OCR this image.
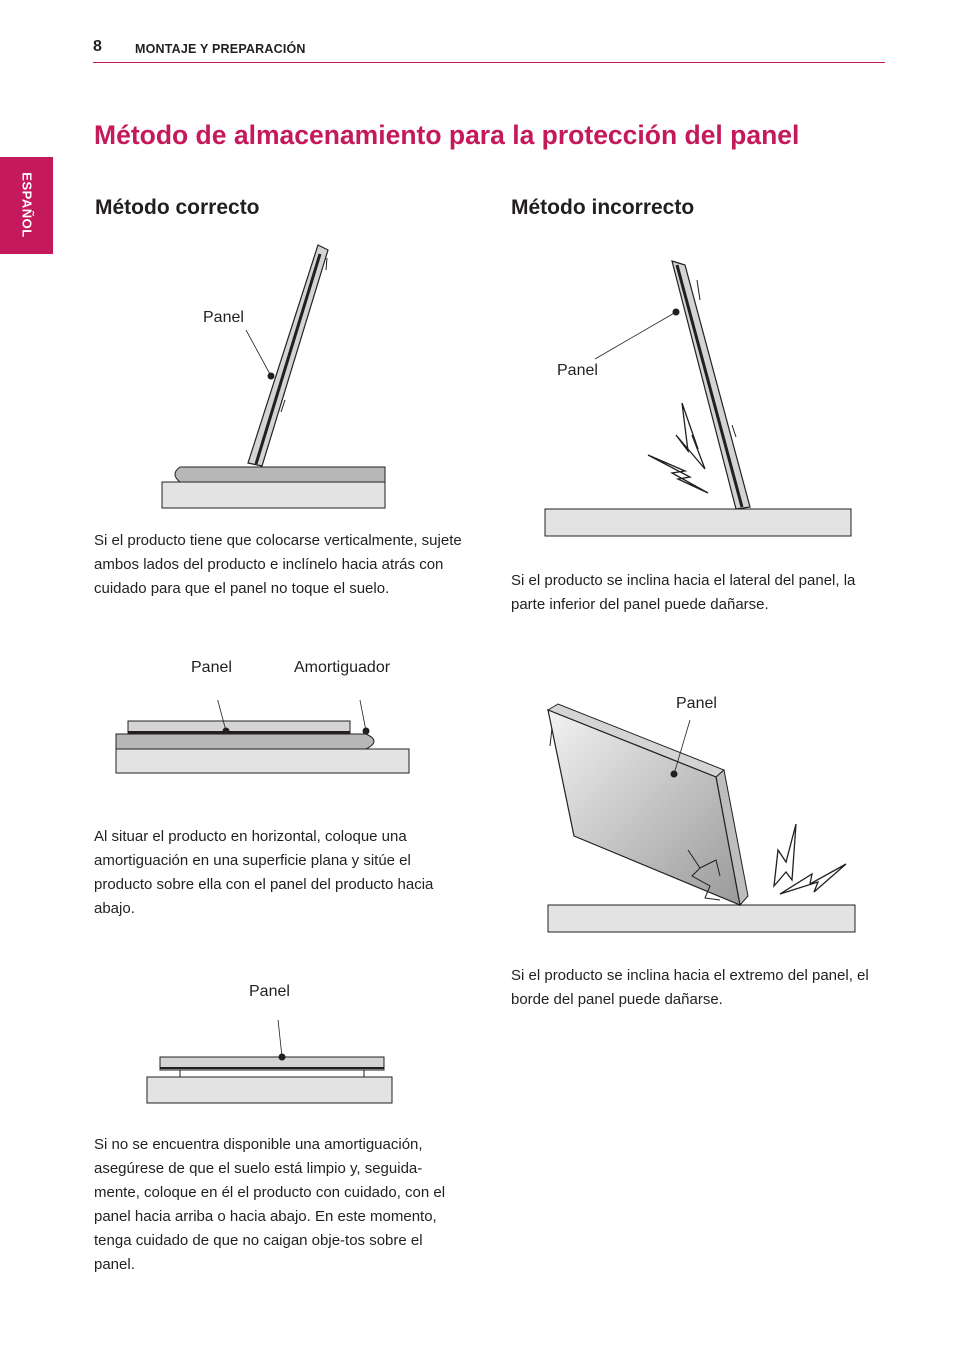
8	MONTAJE Y PREPARACIÓN
ESPAÑOL
Método de almacenamiento para la protección del panel
Método correcto	Método incorrecto
Panel

Si el producto tiene que colocarse verticalmente, sujete ambos lados del producto e inclínelo hacia atrás con cuidado para que el panel no toque el suelo.

Panel	Amortiguador

Al situar el producto en horizontal, coloque una amortiguación en una superficie plana y sitúe el producto sobre ella con el panel del producto hacia abajo.

Panel

Si no se encuentra disponible una amortiguación, asegúrese de que el suelo está limpio y, seguida-mente, coloque en él el producto con cuidado, con el panel hacia arriba o hacia abajo. En este momento, tenga cuidado de que no caigan obje-tos sobre el panel.

Panel

Si el producto se inclina hacia el lateral del panel, la parte inferior del panel puede dañarse.

Panel

Si el producto se inclina hacia el extremo del panel, el borde del panel puede dañarse.
